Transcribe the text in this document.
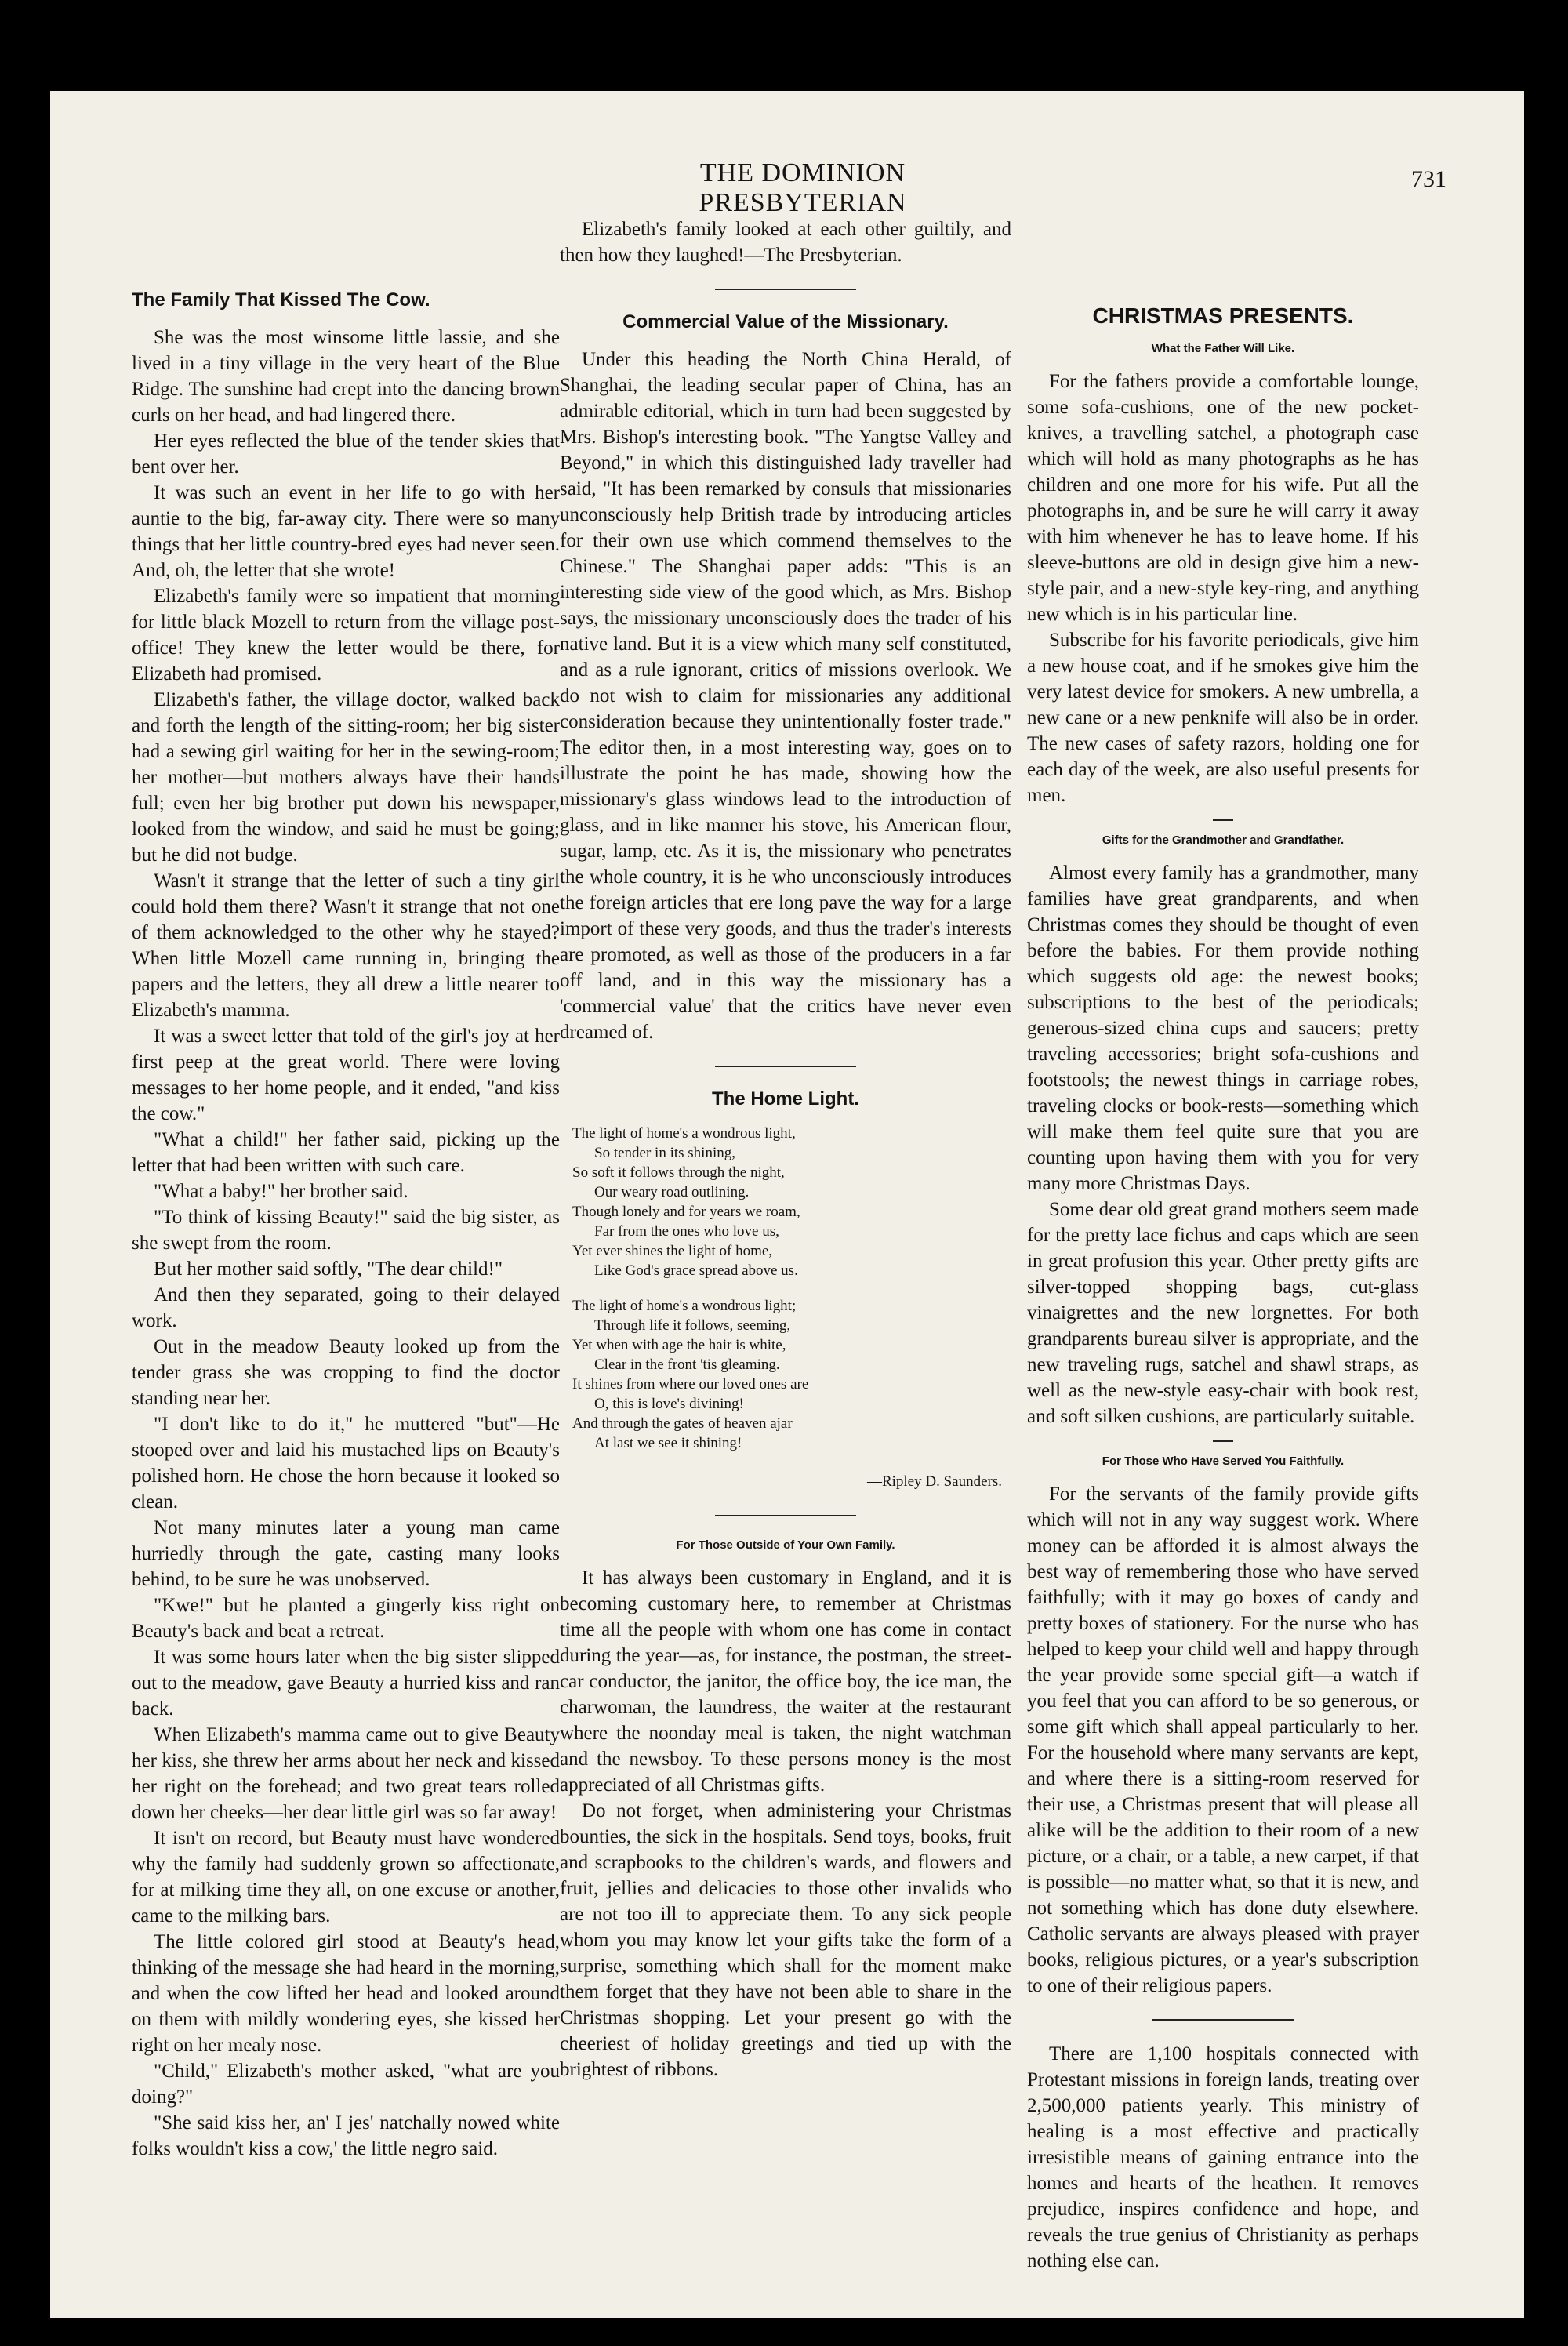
THE DOMINION PRESBYTERIAN
731
The Family That Kissed The Cow.

She was the most winsome little lassie, and she lived in a tiny village in the very heart of the Blue Ridge. The sunshine had crept into the dancing brown curls on her head, and had lingered there.

Her eyes reflected the blue of the tender skies that bent over her.

It was such an event in her life to go with her auntie to the big, far-away city. There were so many things that her little country-bred eyes had never seen. And, oh, the letter that she wrote!

Elizabeth's family were so impatient that morning for little black Mozell to return from the village post-office! They knew the letter would be there, for Elizabeth had promised.

Elizabeth's father, the village doctor, walked back and forth the length of the sitting-room; her big sister had a sewing girl waiting for her in the sewing-room; her mother—but mothers always have their hands full; even her big brother put down his newspaper, looked from the window, and said he must be going; but he did not budge.

Wasn't it strange that the letter of such a tiny girl could hold them there? Wasn't it strange that not one of them acknowledged to the other why he stayed? When little Mozell came running in, bringing the papers and the letters, they all drew a little nearer to Elizabeth's mamma.

It was a sweet letter that told of the girl's joy at her first peep at the great world. There were loving messages to her home people, and it ended, "and kiss the cow."

"What a child!" her father said, picking up the letter that had been written with such care.

"What a baby!" her brother said.

"To think of kissing Beauty!" said the big sister, as she swept from the room.

But her mother said softly, "The dear child!"

And then they separated, going to their delayed work.

Out in the meadow Beauty looked up from the tender grass she was cropping to find the doctor standing near her.

"I don't like to do it," he muttered "but"—He stooped over and laid his mustached lips on Beauty's polished horn. He chose the horn because it looked so clean.

Not many minutes later a young man came hurriedly through the gate, casting many looks behind, to be sure he was unobserved.

"Kwe!" but he planted a gingerly kiss right on Beauty's back and beat a retreat.

It was some hours later when the big sister slipped out to the meadow, gave Beauty a hurried kiss and ran back.

When Elizabeth's mamma came out to give Beauty her kiss, she threw her arms about her neck and kissed her right on the forehead; and two great tears rolled down her cheeks—her dear little girl was so far away!

It isn't on record, but Beauty must have wondered why the family had suddenly grown so affectionate, for at milking time they all, on one excuse or another, came to the milking bars.

The little colored girl stood at Beauty's head, thinking of the message she had heard in the morning, and when the cow lifted her head and looked around on them with mildly wondering eyes, she kissed her right on her mealy nose.

"Child," Elizabeth's mother asked, "what are you doing?"

"She said kiss her, an' I jes' natchally nowed white folks wouldn't kiss a cow,' the little negro said.

Elizabeth's family looked at each other guiltily, and then how they laughed!—The Presbyterian.

Commercial Value of the Missionary.

Under this heading the North China Herald, of Shanghai, the leading secular paper of China, has an admirable editorial, which in turn had been suggested by Mrs. Bishop's interesting book. "The Yangtse Valley and Beyond," in which this distinguished lady traveller had said, "It has been remarked by consuls that missionaries unconsciously help British trade by introducing articles for their own use which commend themselves to the Chinese." The Shanghai paper adds: "This is an interesting side view of the good which, as Mrs. Bishop says, the missionary unconsciously does the trader of his native land. But it is a view which many self constituted, and as a rule ignorant, critics of missions overlook. We do not wish to claim for missionaries any additional consideration because they unintentionally foster trade." The editor then, in a most interesting way, goes on to illustrate the point he has made, showing how the missionary's glass windows lead to the introduction of glass, and in like manner his stove, his American flour, sugar, lamp, etc. As it is, the missionary who penetrates the whole country, it is he who unconsciously introduces the foreign articles that ere long pave the way for a large import of these very goods, and thus the trader's interests are promoted, as well as those of the producers in a far off land, and in this way the missionary has a 'commercial value' that the critics have never even dreamed of.

The Home Light.
The light of home's a wondrous light,
So tender in its shining,
So soft it follows through the night,
Our weary road outlining.
Though lonely and for years we roam,
Far from the ones who love us,
Yet ever shines the light of home,
Like God's grace spread above us.
The light of home's a wondrous light;
Through life it follows, seeming,
Yet when with age the hair is white,
Clear in the front 'tis gleaming.
It shines from where our loved ones are—
O, this is love's divining!
And through the gates of heaven ajar
At last we see it shining!
—Ripley D. Saunders.
For Those Outside of Your Own Family.

It has always been customary in England, and it is becoming customary here, to remember at Christmas time all the people with whom one has come in contact during the year—as, for instance, the postman, the street-car conductor, the janitor, the office boy, the ice man, the charwoman, the laundress, the waiter at the restaurant where the noonday meal is taken, the night watchman and the newsboy. To these persons money is the most appreciated of all Christmas gifts.

Do not forget, when administering your Christmas bounties, the sick in the hospitals. Send toys, books, fruit and scrapbooks to the children's wards, and flowers and fruit, jellies and delicacies to those other invalids who are not too ill to appreciate them. To any sick people whom you may know let your gifts take the form of a surprise, something which shall for the moment make them forget that they have not been able to share in the Christmas shopping. Let your present go with the cheeriest of holiday greetings and tied up with the brightest of ribbons.

CHRISTMAS PRESENTS.
What the Father Will Like.

For the fathers provide a comfortable lounge, some sofa-cushions, one of the new pocket-knives, a travelling satchel, a photograph case which will hold as many photographs as he has children and one more for his wife. Put all the photographs in, and be sure he will carry it away with him whenever he has to leave home. If his sleeve-buttons are old in design give him a new-style pair, and a new-style key-ring, and anything new which is in his particular line.

Subscribe for his favorite periodicals, give him a new house coat, and if he smokes give him the very latest device for smokers. A new umbrella, a new cane or a new penknife will also be in order. The new cases of safety razors, holding one for each day of the week, are also useful presents for men.

Gifts for the Grandmother and Grandfather.

Almost every family has a grandmother, many families have great grandparents, and when Christmas comes they should be thought of even before the babies. For them provide nothing which suggests old age: the newest books; subscriptions to the best of the periodicals; generous-sized china cups and saucers; pretty traveling accessories; bright sofa-cushions and footstools; the newest things in carriage robes, traveling clocks or book-rests—something which will make them feel quite sure that you are counting upon having them with you for very many more Christmas Days.

Some dear old great grand mothers seem made for the pretty lace fichus and caps which are seen in great profusion this year. Other pretty gifts are silver-topped shopping bags, cut-glass vinaigrettes and the new lorgnettes. For both grandparents bureau silver is appropriate, and the new traveling rugs, satchel and shawl straps, as well as the new-style easy-chair with book rest, and soft silken cushions, are particularly suitable.

For Those Who Have Served You Faithfully.

For the servants of the family provide gifts which will not in any way suggest work. Where money can be afforded it is almost always the best way of remembering those who have served faithfully; with it may go boxes of candy and pretty boxes of stationery. For the nurse who has helped to keep your child well and happy through the year provide some special gift—a watch if you feel that you can afford to be so generous, or some gift which shall appeal particularly to her. For the household where many servants are kept, and where there is a sitting-room reserved for their use, a Christmas present that will please all alike will be the addition to their room of a new picture, or a chair, or a table, a new carpet, if that is possible—no matter what, so that it is new, and not something which has done duty elsewhere. Catholic servants are always pleased with prayer books, religious pictures, or a year's subscription to one of their religious papers.

There are 1,100 hospitals connected with Protestant missions in foreign lands, treating over 2,500,000 patients yearly. This ministry of healing is a most effective and practically irresistible means of gaining entrance into the homes and hearts of the heathen. It removes prejudice, inspires confidence and hope, and reveals the true genius of Christianity as perhaps nothing else can.
